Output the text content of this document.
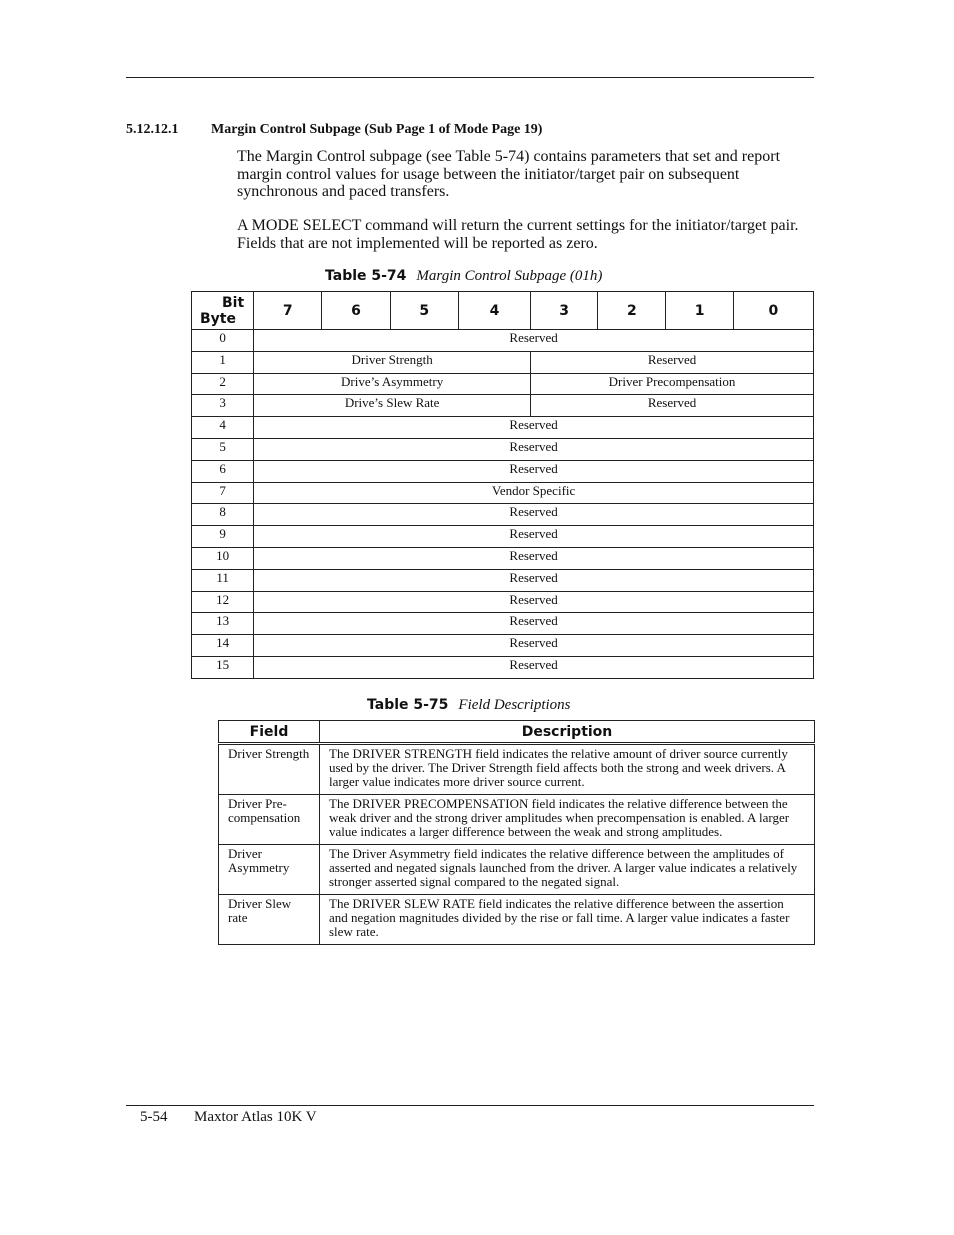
5.12.12.1 Margin Control Subpage (Sub Page 1 of Mode Page 19)

The Margin Control subpage (see Table 5-74) contains parameters that set and report margin control values for usage between the initiator/target pair on subsequent synchronous and paced transfers.

A MODE SELECT command will return the current settings for the initiator/target pair. Fields that are not implemented will be reported as zero.

Table 5-74 Margin Control Subpage (01h)
Bit
Byte	7	6	5	4	3	2	1	0
0	Reserved							
1	Driver Strength				Reserved			
2	Drive’s Asymmetry				Driver Precompensation			
3	Drive’s Slew Rate				Reserved			
4	Reserved							
5	Reserved							
6	Reserved							
7	Vendor Specific							
8	Reserved							
9	Reserved							
10	Reserved							
11	Reserved							
12	Reserved							
13	Reserved							
14	Reserved							
15	Reserved							
Table 5-75 Field Descriptions
Field	Description
Driver Strength	The DRIVER STRENGTH field indicates the relative amount of driver source currently used by the driver. The Driver Strength field affects both the strong and week drivers. A larger value indicates more driver source current.
Driver Pre-compensation	The DRIVER PRECOMPENSATION field indicates the relative difference between the weak driver and the strong driver amplitudes when precompensation is enabled. A larger value indicates a larger difference between the weak and strong amplitudes.
Driver Asymmetry	The Driver Asymmetry field indicates the relative difference between the amplitudes of asserted and negated signals launched from the driver. A larger value indicates a relatively stronger asserted signal compared to the negated signal.
Driver Slew rate	The DRIVER SLEW RATE field indicates the relative difference between the assertion and negation magnitudes divided by the rise or fall time. A larger value indicates a faster slew rate.
5-54 Maxtor Atlas 10K V
